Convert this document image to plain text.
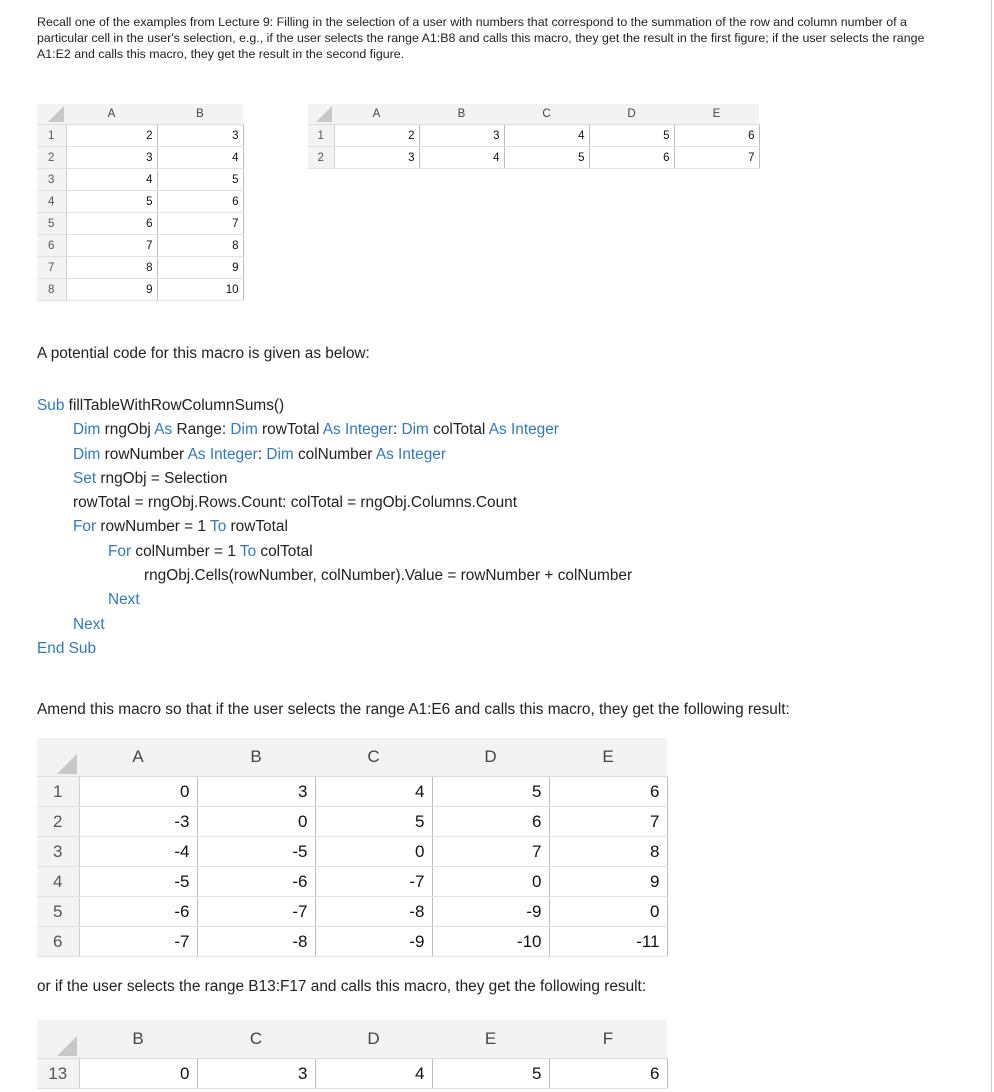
Recall one of the examples from Lecture 9: Filling in the selection of a user with numbers that correspond to the summation of the row and column number of a particular cell in the user's selection, e.g., if the user selects the range A1:B8 and calls this macro, they get the result in the first figure; if the user selects the range A1:E2 and calls this macro, they get the result in the second figure.

	A	B
1	2	3
2	3	4
3	4	5
4	5	6
5	6	7
6	7	8
7	8	9
8	9	10
	A	B	C	D	E
1	2	3	4	5	6
2	3	4	5	6	7

A potential code for this macro is given as below:

Sub fillTableWithRowColumnSums()
Dim rngObj As Range: Dim rowTotal As Integer: Dim colTotal As Integer
Dim rowNumber As Integer: Dim colNumber As Integer
Set rngObj = Selection
rowTotal = rngObj.Rows.Count: colTotal = rngObj.Columns.Count
For rowNumber = 1 To rowTotal
For colNumber = 1 To colTotal
rngObj.Cells(rowNumber, colNumber).Value = rowNumber + colNumber
Next
Next
End Sub

Amend this macro so that if the user selects the range A1:E6 and calls this macro, they get the following result:

	A	B	C	D	E
1	0	3	4	5	6
2	-3	0	5	6	7
3	-4	-5	0	7	8
4	-5	-6	-7	0	9
5	-6	-7	-8	-9	0
6	-7	-8	-9	-10	-11

or if the user selects the range B13:F17 and calls this macro, they get the following result:

	B	C	D	E	F
13	0	3	4	5	6
